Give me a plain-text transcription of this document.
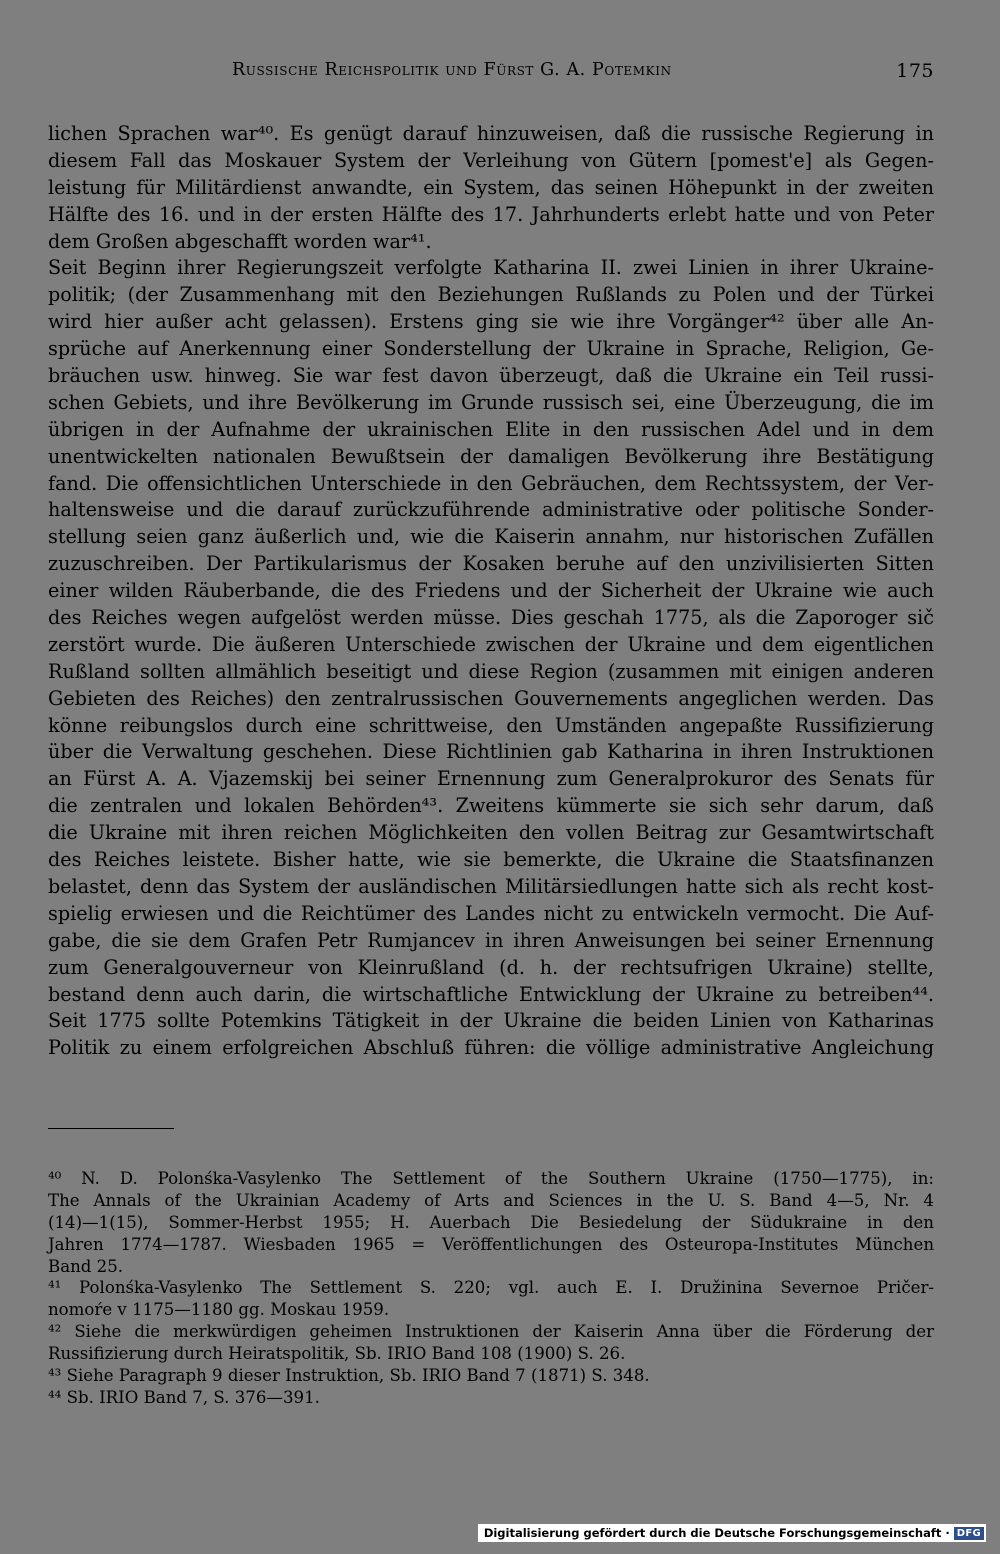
Russische Reichspolitik und Fürst G. A. Potemkin	175
lichen Sprachen war⁴⁰. Es genügt darauf hinzuweisen, daß die russische Regierung in
diesem Fall das Moskauer System der Verleihung von Gütern [pomest'e] als Gegen-
leistung für Militärdienst anwandte, ein System, das seinen Höhepunkt in der zweiten
Hälfte des 16. und in der ersten Hälfte des 17. Jahrhunderts erlebt hatte und von Peter
dem Großen abgeschafft worden war⁴¹.
Seit Beginn ihrer Regierungszeit verfolgte Katharina II. zwei Linien in ihrer Ukraine-
politik; (der Zusammenhang mit den Beziehungen Rußlands zu Polen und der Türkei
wird hier außer acht gelassen). Erstens ging sie wie ihre Vorgänger⁴² über alle An-
sprüche auf Anerkennung einer Sonderstellung der Ukraine in Sprache, Religion, Ge-
bräuchen usw. hinweg. Sie war fest davon überzeugt, daß die Ukraine ein Teil russi-
schen Gebiets, und ihre Bevölkerung im Grunde russisch sei, eine Überzeugung, die im
übrigen in der Aufnahme der ukrainischen Elite in den russischen Adel und in dem
unentwickelten nationalen Bewußtsein der damaligen Bevölkerung ihre Bestätigung
fand. Die offensichtlichen Unterschiede in den Gebräuchen, dem Rechtssystem, der Ver-
haltensweise und die darauf zurückzuführende administrative oder politische Sonder-
stellung seien ganz äußerlich und, wie die Kaiserin annahm, nur historischen Zufällen
zuzuschreiben. Der Partikularismus der Kosaken beruhe auf den unzivilisierten Sitten
einer wilden Räuberbande, die des Friedens und der Sicherheit der Ukraine wie auch
des Reiches wegen aufgelöst werden müsse. Dies geschah 1775, als die Zaporoger sič
zerstört wurde. Die äußeren Unterschiede zwischen der Ukraine und dem eigentlichen
Rußland sollten allmählich beseitigt und diese Region (zusammen mit einigen anderen
Gebieten des Reiches) den zentralrussischen Gouvernements angeglichen werden. Das
könne reibungslos durch eine schrittweise, den Umständen angepaßte Russifizierung
über die Verwaltung geschehen. Diese Richtlinien gab Katharina in ihren Instruktionen
an Fürst A. A. Vjazemskij bei seiner Ernennung zum Generalprokuror des Senats für
die zentralen und lokalen Behörden⁴³. Zweitens kümmerte sie sich sehr darum, daß
die Ukraine mit ihren reichen Möglichkeiten den vollen Beitrag zur Gesamtwirtschaft
des Reiches leistete. Bisher hatte, wie sie bemerkte, die Ukraine die Staatsfinanzen
belastet, denn das System der ausländischen Militärsiedlungen hatte sich als recht kost-
spielig erwiesen und die Reichtümer des Landes nicht zu entwickeln vermocht. Die Auf-
gabe, die sie dem Grafen Petr Rumjancev in ihren Anweisungen bei seiner Ernennung
zum Generalgouverneur von Kleinrußland (d. h. der rechtsufrigen Ukraine) stellte,
bestand denn auch darin, die wirtschaftliche Entwicklung der Ukraine zu betreiben⁴⁴.
Seit 1775 sollte Potemkins Tätigkeit in der Ukraine die beiden Linien von Katharinas
Politik zu einem erfolgreichen Abschluß führen: die völlige administrative Angleichung
⁴⁰ N. D. Polonśka-Vasylenko The Settlement of the Southern Ukraine (1750—1775), in:
The Annals of the Ukrainian Academy of Arts and Sciences in the U. S. Band 4—5, Nr. 4
(14)—1(15), Sommer-Herbst 1955; H. Auerbach Die Besiedelung der Südukraine in den
Jahren 1774—1787. Wiesbaden 1965 = Veröffentlichungen des Osteuropa-Institutes München
Band 25.
⁴¹ Polonśka-Vasylenko The Settlement S. 220; vgl. auch E. I. Družinina Severnoe Pričer-
nomoŕe v 1175—1180 gg. Moskau 1959.
⁴² Siehe die merkwürdigen geheimen Instruktionen der Kaiserin Anna über die Förderung der
Russifizierung durch Heiratspolitik, Sb. IRIO Band 108 (1900) S. 26.
⁴³ Siehe Paragraph 9 dieser Instruktion, Sb. IRIO Band 7 (1871) S. 348.
⁴⁴ Sb. IRIO Band 7, S. 376—391.
Digitalisierung gefördert durch die Deutsche Forschungsgemeinschaft · DFG
